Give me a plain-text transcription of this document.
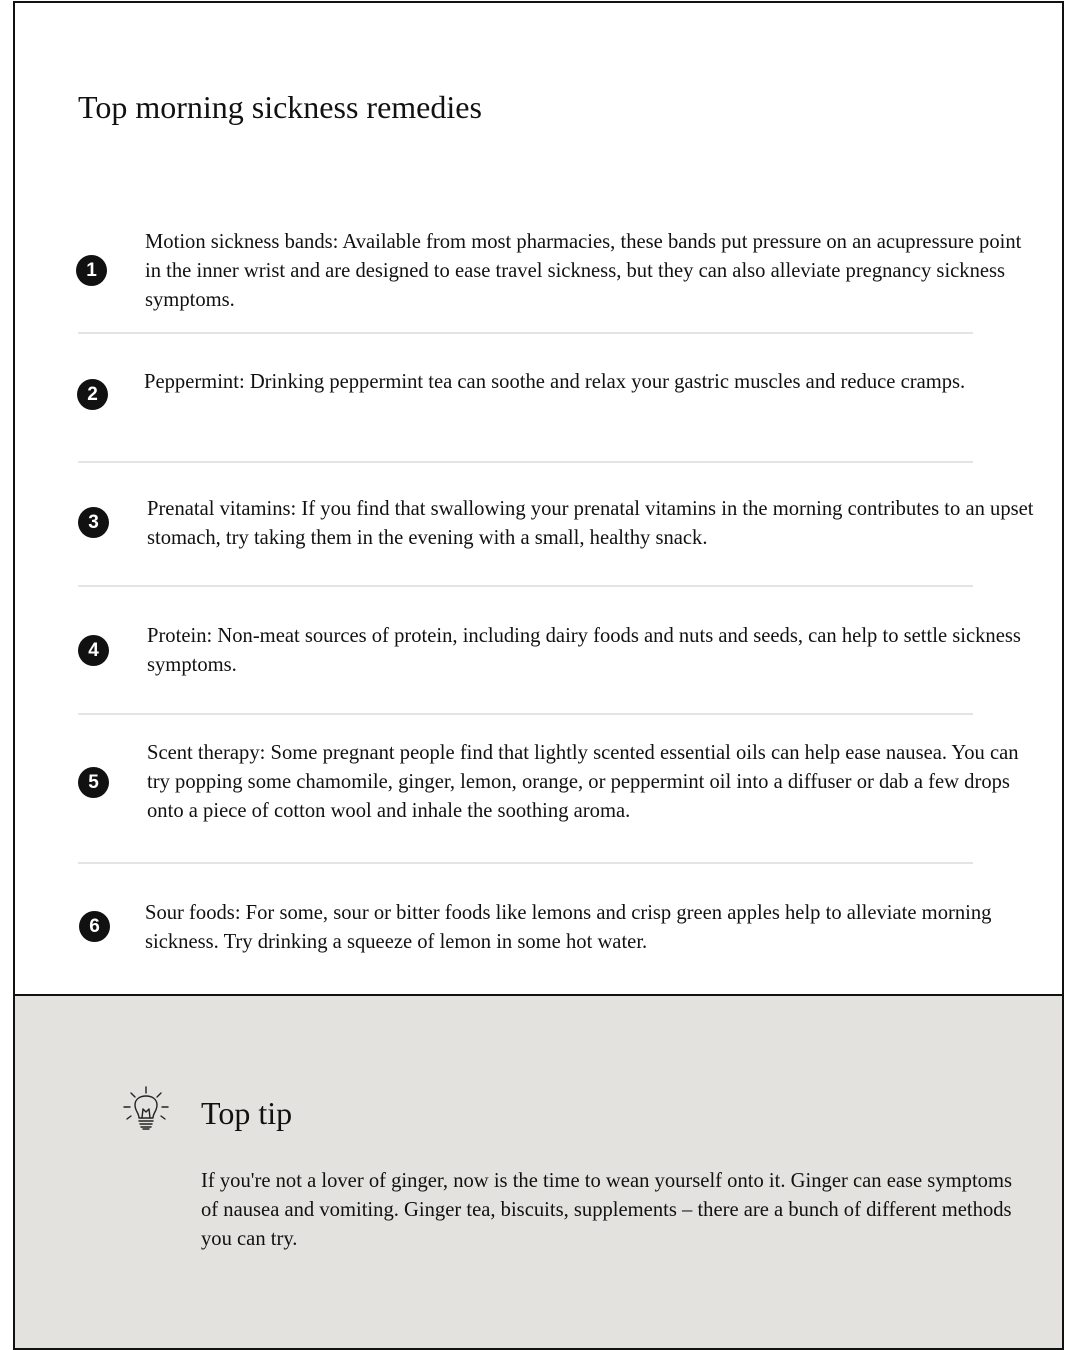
Top morning sickness remedies
1

Motion sickness bands: Available from most pharmacies, these bands put pressure on an acupressure point in the inner wrist and are designed to ease travel sickness, but they can also alleviate pregnancy sickness symptoms.

2

Peppermint: Drinking peppermint tea can soothe and relax your gastric muscles and reduce cramps.

3

Prenatal vitamins: If you find that swallowing your prenatal vitamins in the morning contributes to an upset stomach, try taking them in the evening with a small, healthy snack.

4

Protein: Non-meat sources of protein, including dairy foods and nuts and seeds, can help to settle sickness symptoms.

5

Scent therapy: Some pregnant people find that lightly scented essential oils can help ease nausea. You can try popping some chamomile, ginger, lemon, orange, or peppermint oil into a diffuser or dab a few drops onto a piece of cotton wool and inhale the soothing aroma.

6

Sour foods: For some, sour or bitter foods like lemons and crisp green apples help to alleviate morning sickness. Try drinking a squeeze of lemon in some hot water.

Top tip

If you're not a lover of ginger, now is the time to wean yourself onto it. Ginger can ease symptoms of nausea and vomiting. Ginger tea, biscuits, supplements – there are a bunch of different methods you can try.
